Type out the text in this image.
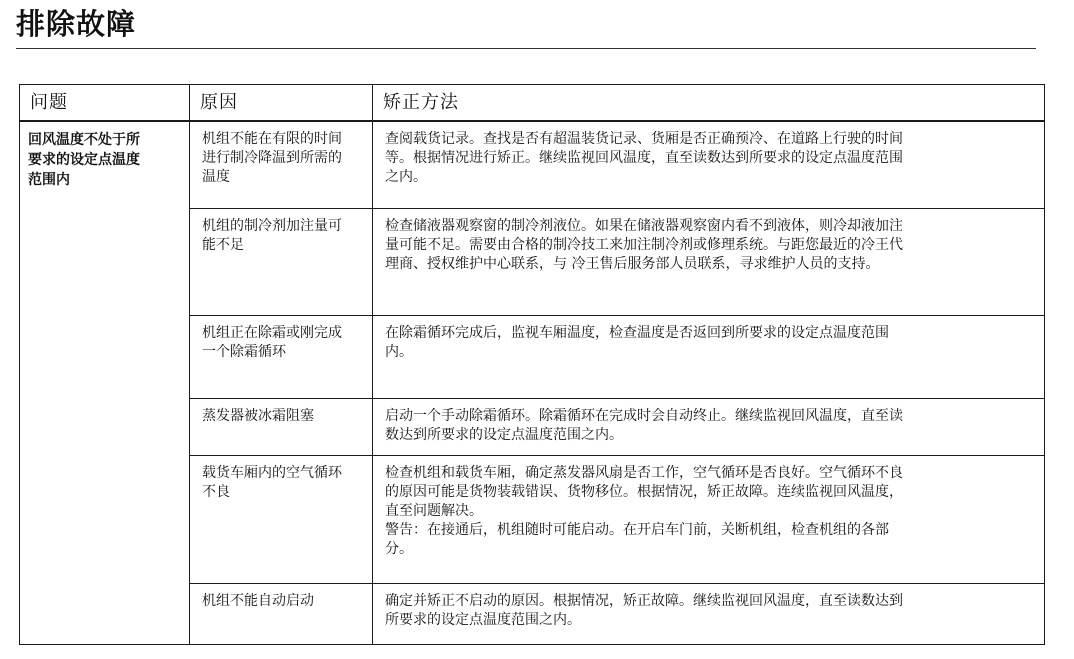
排除故障
问题	原因	矫正方法

回风温度不处于所要求的设定点温度范围内	机组不能在有限的时间进行制冷降温到所需的温度	查阅载货记录。查找是否有超温装货记录、货厢是否正确预冷、在道路上行驶的时间等。根据情况进行矫正。继续监视回风温度，直至读数达到所要求的设定点温度范围之内。

	机组的制冷剂加注量可能不足	检查储液器观察窗的制冷剂液位。如果在储液器观察窗内看不到液体，则冷却液加注量可能不足。需要由合格的制冷技工来加注制冷剂或修理系统。与距您最近的冷王代理商、授权维护中心联系，与 冷王售后服务部人员联系，寻求维护人员的支持。

	机组正在除霜或刚完成一个除霜循环	在除霜循环完成后，监视车厢温度，检查温度是否返回到所要求的设定点温度范围内。

	蒸发器被冰霜阻塞	启动一个手动除霜循环。除霜循环在完成时会自动终止。继续监视回风温度，直至读数达到所要求的设定点温度范围之内。

	载货车厢内的空气循环不良	检查机组和载货车厢，确定蒸发器风扇是否工作，空气循环是否良好。空气循环不良的原因可能是货物装载错误、货物移位。根据情况，矫正故障。连续监视回风温度，直至问题解决。
警告：在接通后，机组随时可能启动。在开启车门前，关断机组，检查机组的各部分。

	机组不能自动启动	确定并矫正不启动的原因。根据情况，矫正故障。继续监视回风温度，直至读数达到所要求的设定点温度范围之内。
